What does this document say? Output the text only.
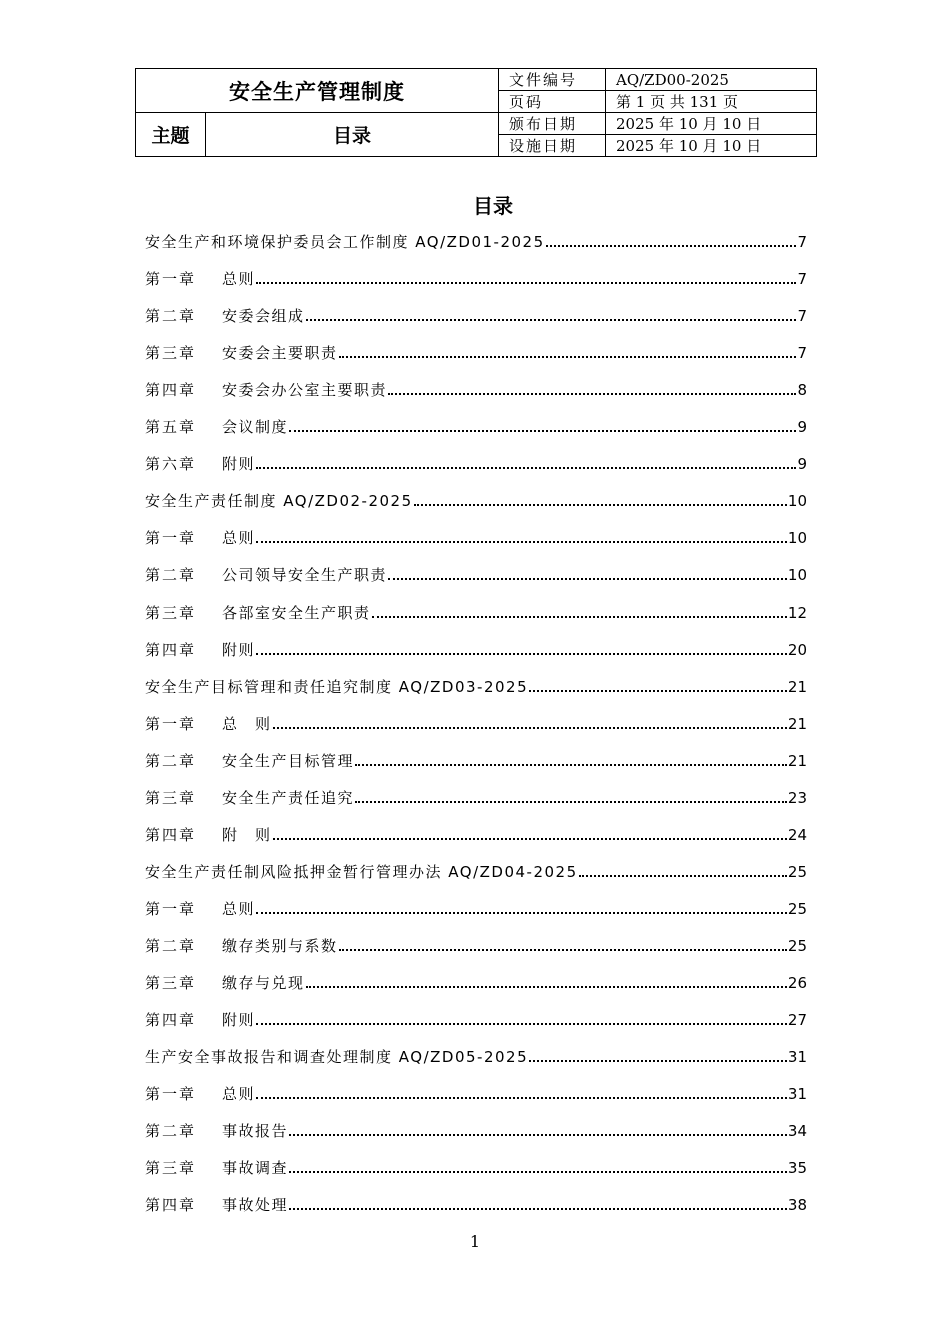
安全生产管理制度		文件编号	AQ/ZD00-2025
		页码	第 1 页 共 131 页
主题	目录	颁布日期	2025 年 10 月 10 日
		设施日期	2025 年 10 月 10 日
目录
安全生产和环境保护委员会工作制度 AQ/ZD01-2025	7
第一章 总则	7
第二章 安委会组成	7
第三章 安委会主要职责	7
第四章 安委会办公室主要职责	8
第五章 会议制度	9
第六章 附则	9
安全生产责任制度 AQ/ZD02-2025	10
第一章 总则	10
第二章 公司领导安全生产职责	10
第三章 各部室安全生产职责	12
第四章 附则	20
安全生产目标管理和责任追究制度 AQ/ZD03-2025	21
第一章 总　则	21
第二章 安全生产目标管理	21
第三章 安全生产责任追究	23
第四章 附　则	24
安全生产责任制风险抵押金暂行管理办法 AQ/ZD04-2025	25
第一章 总则	25
第二章 缴存类别与系数	25
第三章 缴存与兑现	26
第四章 附则	27
生产安全事故报告和调查处理制度 AQ/ZD05-2025	31
第一章 总则	31
第二章 事故报告	34
第三章 事故调查	35
第四章 事故处理	38
1
